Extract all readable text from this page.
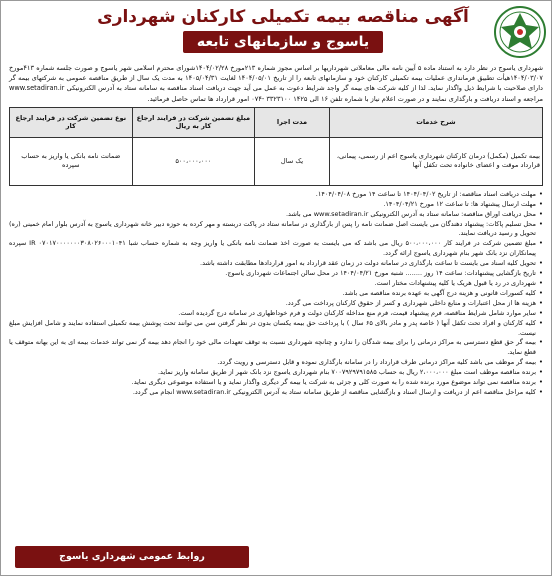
آگهی مناقصه بیمه تکمیلی کارکنان شهرداری
یاسوج و سازمانهای تابعه

شهرداری یاسوج در نظر دارد به استناد ماده ۵ آیین نامه مالی معاملاتی شهرداریها بر اساس مجوز شماره ۲۱۳مورخ ۱۴۰۴/۰۲/۲۸شورای محترم اسلامی شهر یاسوج و صورت جلسه شماره ۴۱۳مورخ ۱۴۰۴/۰۳/۰۷هیأت تطبیق فرمانداری عملیات بیمه تکمیلی کارکنان خود و سازمانهای تابعه را از تاریخ ۱۴۰۴/۰۵/۰۱ لغایت ۱۴۰۵/۰۴/۳۱ به مدت یک سال از طریق مناقصه عمومی به شرکتهای بیمه گر دارای صلاحیت با شرایط ذیل واگذار نماید. لذا از کلیه شرکت های بیمه گر واجد شرایط دعوت به عمل می آید جهت دریافت اسناد مناقصه به سامانه ستاد به آدرس الکترونیکی www.setadiran.ir مراجعه و اسناد دریافت و بارگذاری نمایند و در صورت اعلام نیاز با شماره تلفن ۱۶ الی ۱۴۲۵ ۳۳۲۳۱۰۰ -۰۷۴ امور قرارداد ها تماس حاصل فرمائید.

شرح خدمات	مدت اجرا	مبلغ تضمین شرکت در فرایند ارجاع کار به ریال	نوع تضمین شرکت در فرایند ارجاع کار
بیمه تکمیل (مکمل) درمان کارکنان شهرداری یاسوج اعم از رسمی، پیمانی، قرارداد موقت و اعضای خانواده تحت تکفل آنها	یک سال	۵۰۰،۰۰۰،۰۰۰	ضمانت نامه بانکی یا واریز به حساب سپرده
• مهلت دریافت اسناد مناقصه: از تاریخ ۱۴۰۴/۰۴/۰۲ تا ساعت ۱۴ مورخ ۱۴۰۴/۰۴/۰۸.
• مهلت ارسال پیشنهاد ها: تا ساعت ۱۲ مورخ ۱۴۰۴/۰۴/۲۱.
• محل دریافت اوراق مناقصه: سامانه ستاد به آدرس الکترونیکی www.setadiran.ir می باشد.
• محل تسلیم پاکات: پیشنهاد دهندگان می بایست اصل ضمانت نامه را پس از بارگذاری در سامانه ستاد در پاکت دربسته و مهر کرده به حوزه دبیر خانه شهرداری یاسوج به آدرس بلوار امام خمینی (ره) تحویل و رسید دریافت نمایند.
• مبلغ تضمین شرکت در فرایند کار ۵۰۰،۰۰۰،۰۰۰ ریال می باشد که می بایست به صورت اخذ ضمانت نامه بانکی یا واریز وجه به شماره حساب شبا IR ۰۷۰۱۷۰۰۰۰۰۰۰۳۰۸۰۲۶۰۰۰۱۰۴۱ سپرده پیمانکاران نزد بانک شهر بنام شهرداری یاسوج ارائه گردد.
• تحویل کلیه اسناد می بایست تا ساعت بارگذاری در سامانه دولت در زمان عقد قرارداد به امور قراردادها مطابقت داشته باشد.
• تاریخ بازگشایی پیشنهادات: ساعت ۱۴ روز ........ شنبه مورخ ۱۴۰۴/۰۴/۲۱ در محل سالن اجتماعات شهرداری یاسوج.
• شهرداری در رد یا قبول هریک یا کلیه پیشنهادات مختار است.
• کلیه کسورات قانونی و هزینه درج آگهی به عهده برنده مناقصه می باشد.
• هزینه ها از محل اعتبارات و منابع داخلی شهرداری و کسر از حقوق کارکنان پرداخت می گردد.
• سایر موارد شامل شرایط مناقصه، فرم پیشنهاد قیمت، فرم منع مداخله کارکنان دولت و فرم خوداظهاری در سامانه درج گردیده است.
• کلیه کارکنان و افراد تحت تکفل آنها ( خاصه پدر و مادر بالای ۶۵ سال ) با پرداخت حق بیمه یکسان بدون در نظر گرفتن سن می توانند تحت پوشش بیمه تکمیلی استفاده نمایند و شامل افزایش مبلغ نیست.
• بیمه گر حق قطع دسترسی به مراکز درمانی را برای بیمه شدگان را ندارد و چنانچه شهرداری نسبت به توقف تعهدات مالی خود را انجام دهد بیمه گر نمی تواند خدمات بیمه ای به این بهانه متوقف یا قطع نماید.
• بیمه گر موظف می باشد کلیه مراکز درمانی طرف قرارداد را در سامانه بارگذاری نموده و قابل دسترسی و رویت گردد.
• برنده مناقصه موظف است مبلغ ۲،۰۰۰،۰۰۰ ریال به حساب ۷۰۰۷۹۲۹۷۹۱۵۸۵ بنام شهرداری یاسوج نزد بانک شهر از طریق سامانه واریز نماید.
• برنده مناقصه نمی تواند موضوع مورد برنده شده را به صورت کلی و جزئی به شرکت یا بیمه گر دیگری واگذار نماید و یا استفاده موضوعی دیگری نماید.
• کلیه مراحل مناقصه اعم از دریافت و ارسال اسناد و بازگشایی مناقصه از طریق سامانه ستاد به آدرس الکترونیکی www.setadiran.ir انجام می گردد.
روابط عمومی شهرداری یاسوج
